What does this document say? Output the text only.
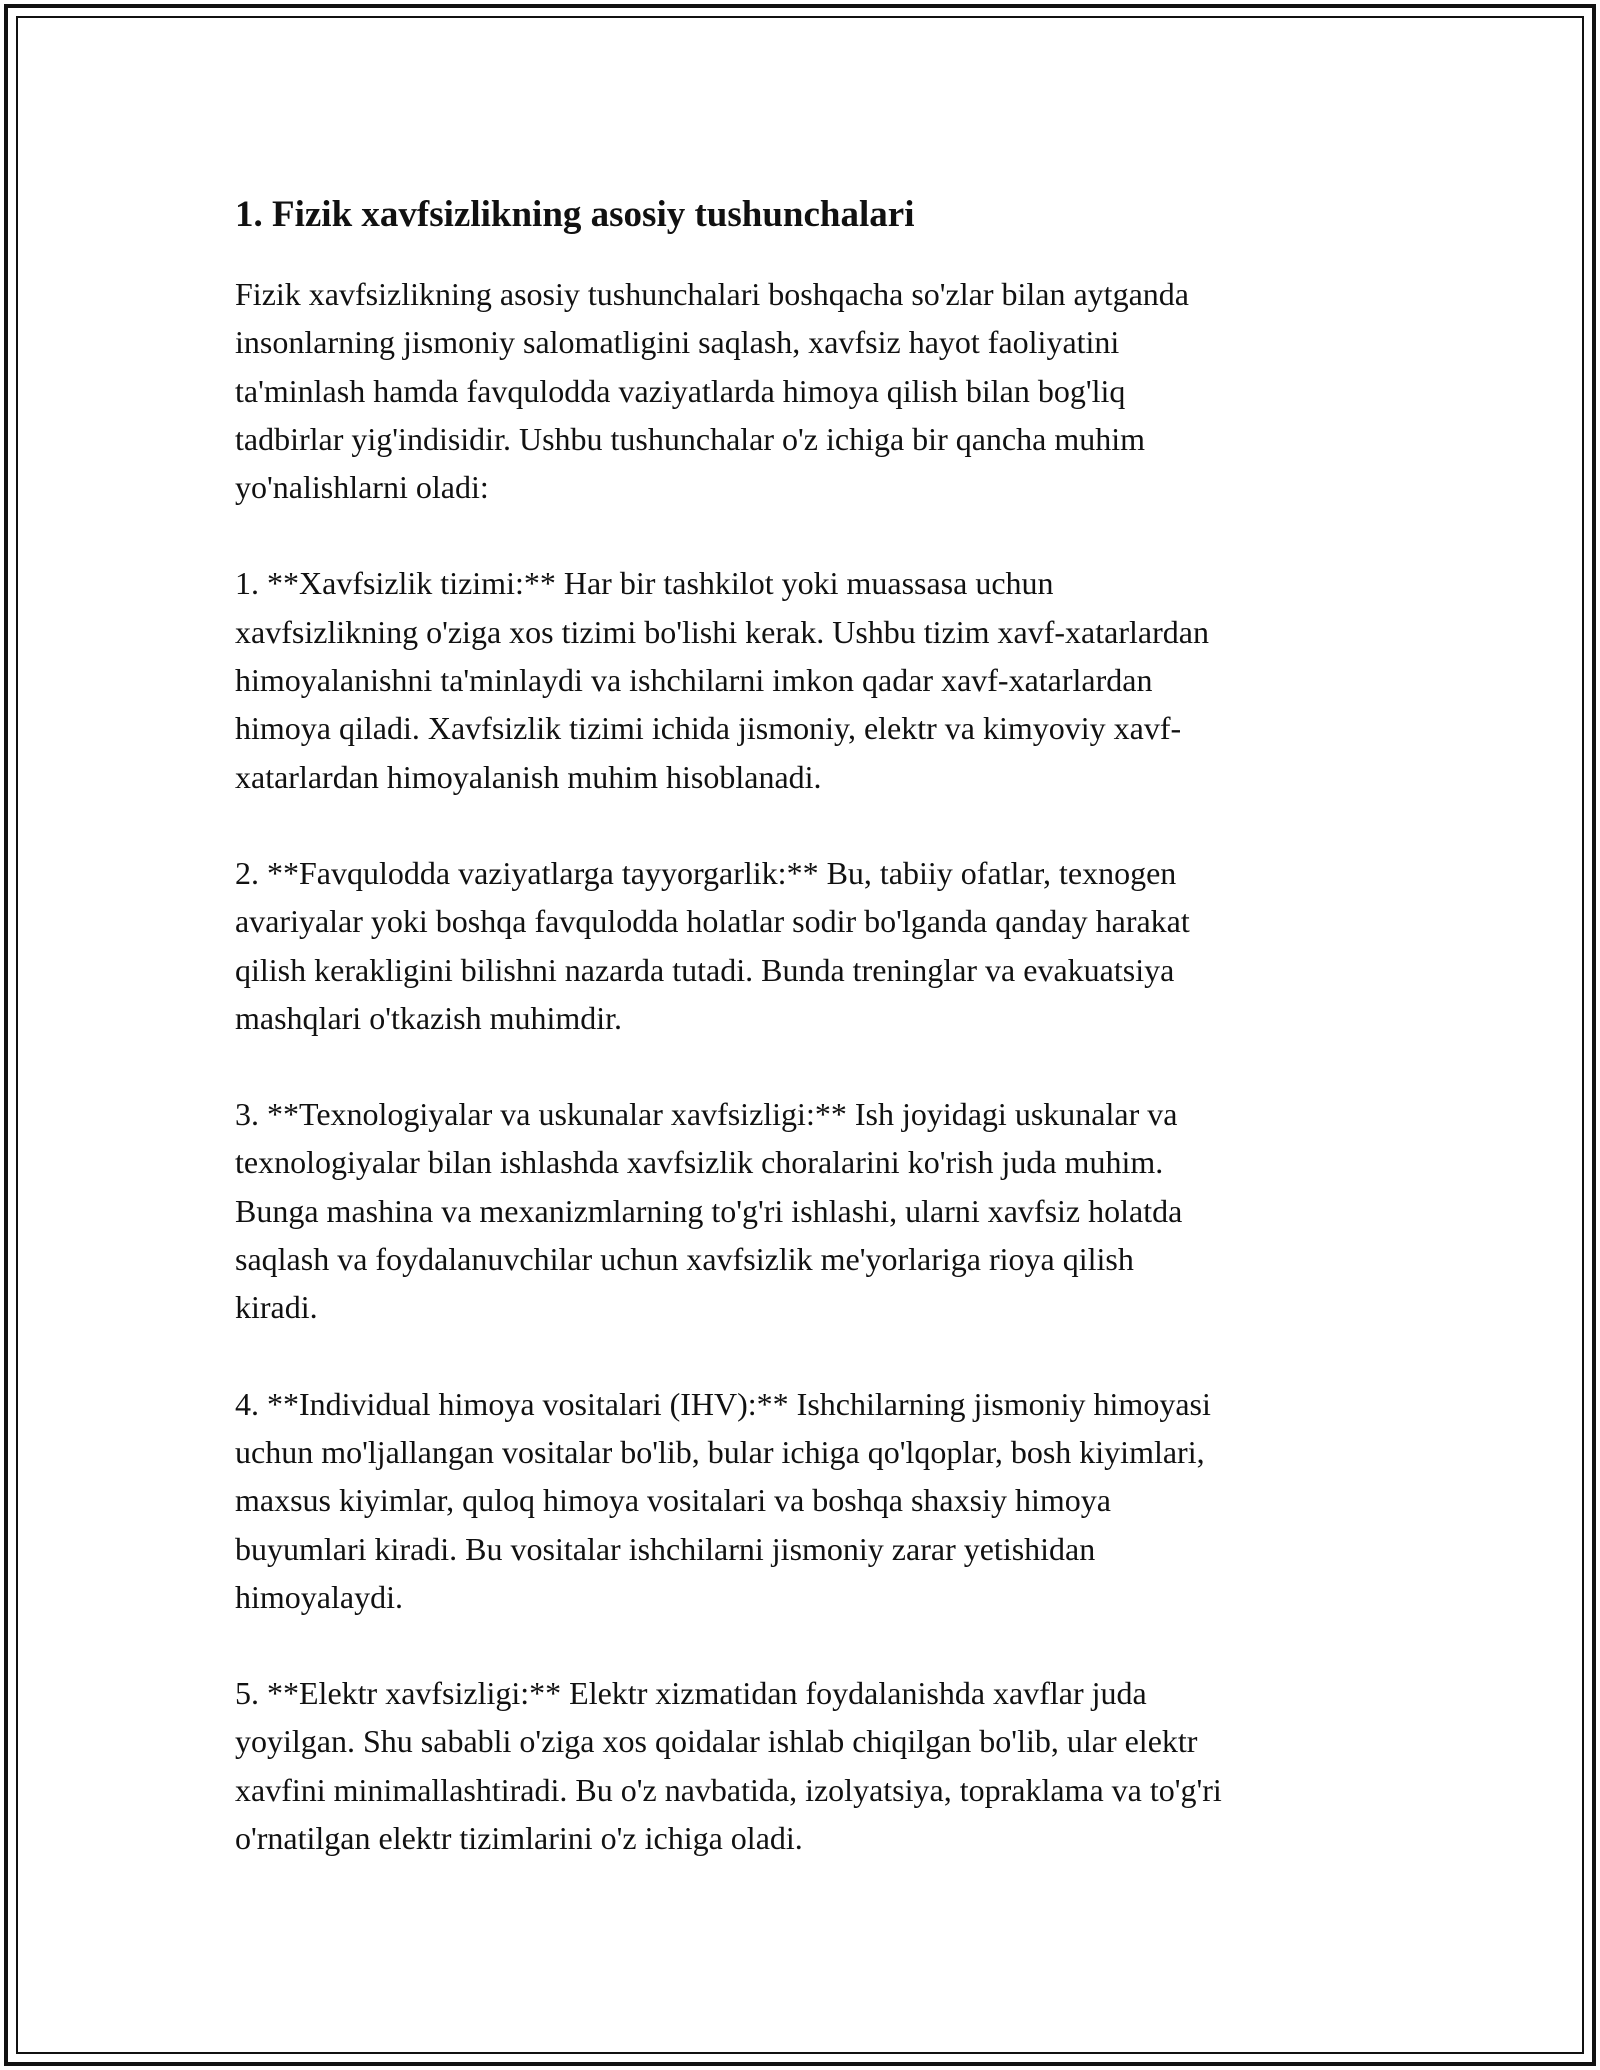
1. Fizik xavfsizlikning asosiy tushunchalari

Fizik xavfsizlikning asosiy tushunchalari boshqacha so'zlar bilan aytganda
insonlarning jismoniy salomatligini saqlash, xavfsiz hayot faoliyatini
ta'minlash hamda favqulodda vaziyatlarda himoya qilish bilan bog'liq
tadbirlar yig'indisidir. Ushbu tushunchalar o'z ichiga bir qancha muhim
yo'nalishlarni oladi:

1. **Xavfsizlik tizimi:** Har bir tashkilot yoki muassasa uchun
xavfsizlikning o'ziga xos tizimi bo'lishi kerak. Ushbu tizim xavf-xatarlardan
himoyalanishni ta'minlaydi va ishchilarni imkon qadar xavf-xatarlardan
himoya qiladi. Xavfsizlik tizimi ichida jismoniy, elektr va kimyoviy xavf-
xatarlardan himoyalanish muhim hisoblanadi.

2. **Favqulodda vaziyatlarga tayyorgarlik:** Bu, tabiiy ofatlar, texnogen
avariyalar yoki boshqa favqulodda holatlar sodir bo'lganda qanday harakat
qilish kerakligini bilishni nazarda tutadi. Bunda treninglar va evakuatsiya
mashqlari o'tkazish muhimdir.

3. **Texnologiyalar va uskunalar xavfsizligi:** Ish joyidagi uskunalar va
texnologiyalar bilan ishlashda xavfsizlik choralarini ko'rish juda muhim.
Bunga mashina va mexanizmlarning to'g'ri ishlashi, ularni xavfsiz holatda
saqlash va foydalanuvchilar uchun xavfsizlik me'yorlariga rioya qilish
kiradi.

4. **Individual himoya vositalari (IHV):** Ishchilarning jismoniy himoyasi
uchun mo'ljallangan vositalar bo'lib, bular ichiga qo'lqoplar, bosh kiyimlari,
maxsus kiyimlar, quloq himoya vositalari va boshqa shaxsiy himoya
buyumlari kiradi. Bu vositalar ishchilarni jismoniy zarar yetishidan
himoyalaydi.

5. **Elektr xavfsizligi:** Elektr xizmatidan foydalanishda xavflar juda
yoyilgan. Shu sababli o'ziga xos qoidalar ishlab chiqilgan bo'lib, ular elektr
xavfini minimallashtiradi. Bu o'z navbatida, izolyatsiya, topraklama va to'g'ri
o'rnatilgan elektr tizimlarini o'z ichiga oladi.
